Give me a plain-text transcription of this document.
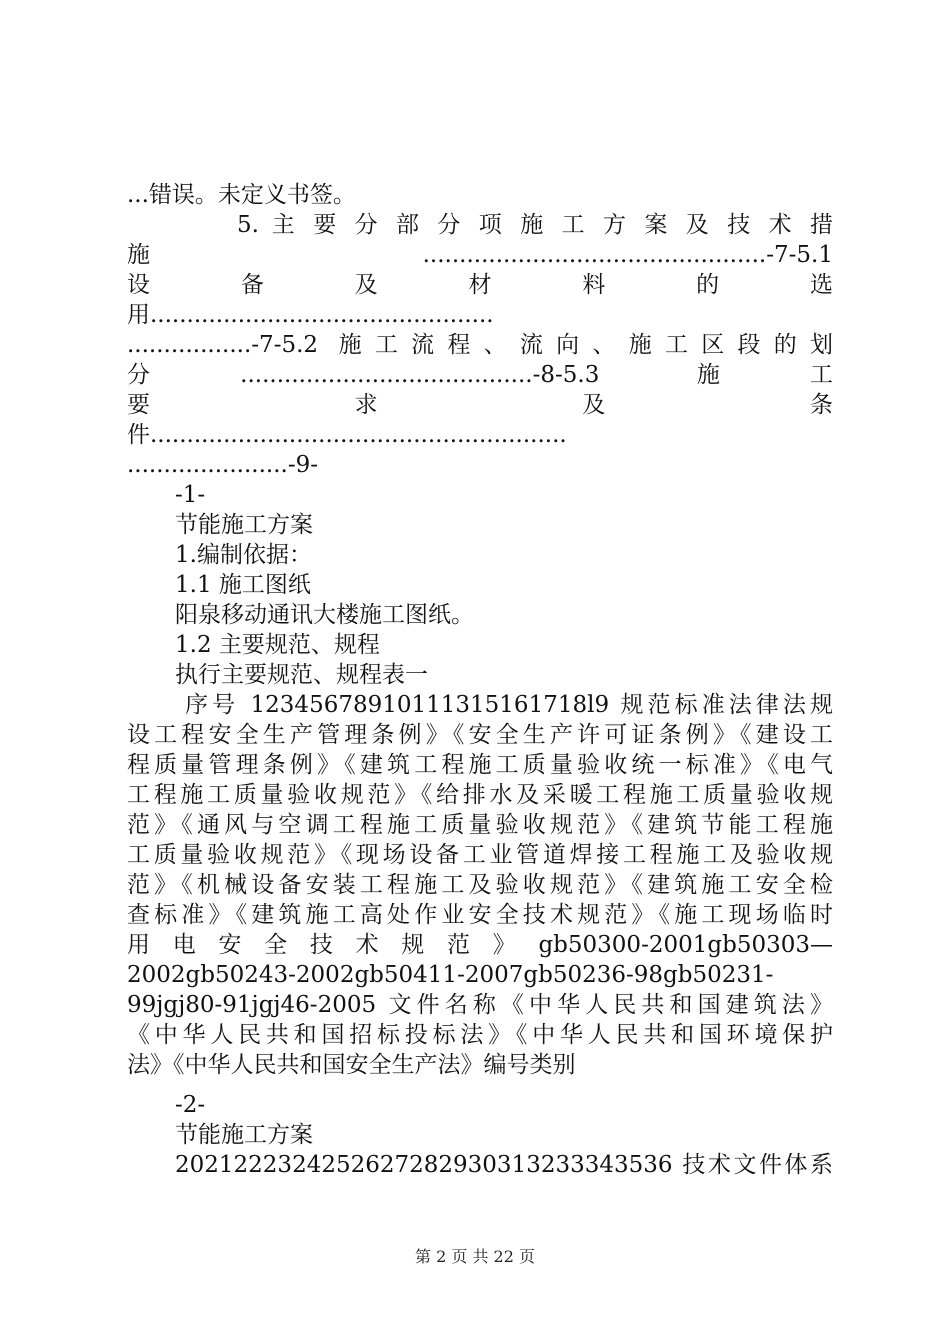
...错误。未定义书签。
5. 主 要 分 部 分 项 施 工 方 案 及 技 术 措
施 ...............................................-7-5.1
设 备 及 材 料 的 选
用...............................................
.................-7-5.2 施工流程、流向、施工区段的划
分........................................-8-5.3 施工
要 求 及 条
件.........................................................
......................-9-
-1-
节能施工方案
1.编制依据：
1.1 施工图纸
阳泉移动通讯大楼施工图纸。
1.2 主要规范、规程
执行主要规范、规程表一
序号 12345678910111315161718l9 规范标准法律法规
设工程安全生产管理条例》《安全生产许可证条例》《建设工
程质量管理条例》《建筑工程施工质量验收统一标准》《电气
工程施工质量验收规范》《给排水及采暖工程施工质量验收规
范》《通风与空调工程施工质量验收规范》《建筑节能工程施
工质量验收规范》《现场设备工业管道焊接工程施工及验收规
范》《机械设备安装工程施工及验收规范》《建筑施工安全检
查标准》《建筑施工高处作业安全技术规范》《施工现场临时
用 电 安 全 技 术 规 范 》 gb50300-2001gb50303—
2002gb50243-2002gb50411-2007gb50236-98gb50231-
99jgj80-91jgj46-2005 文件名称《中华人民共和国建筑法》
《中华人民共和国招标投标法》《中华人民共和国环境保护
法》《中华人民共和国安全生产法》编号类别
-2-
节能施工方案
2021222324252627282930313233343536 技术文件体系
第 2 页 共 22 页
